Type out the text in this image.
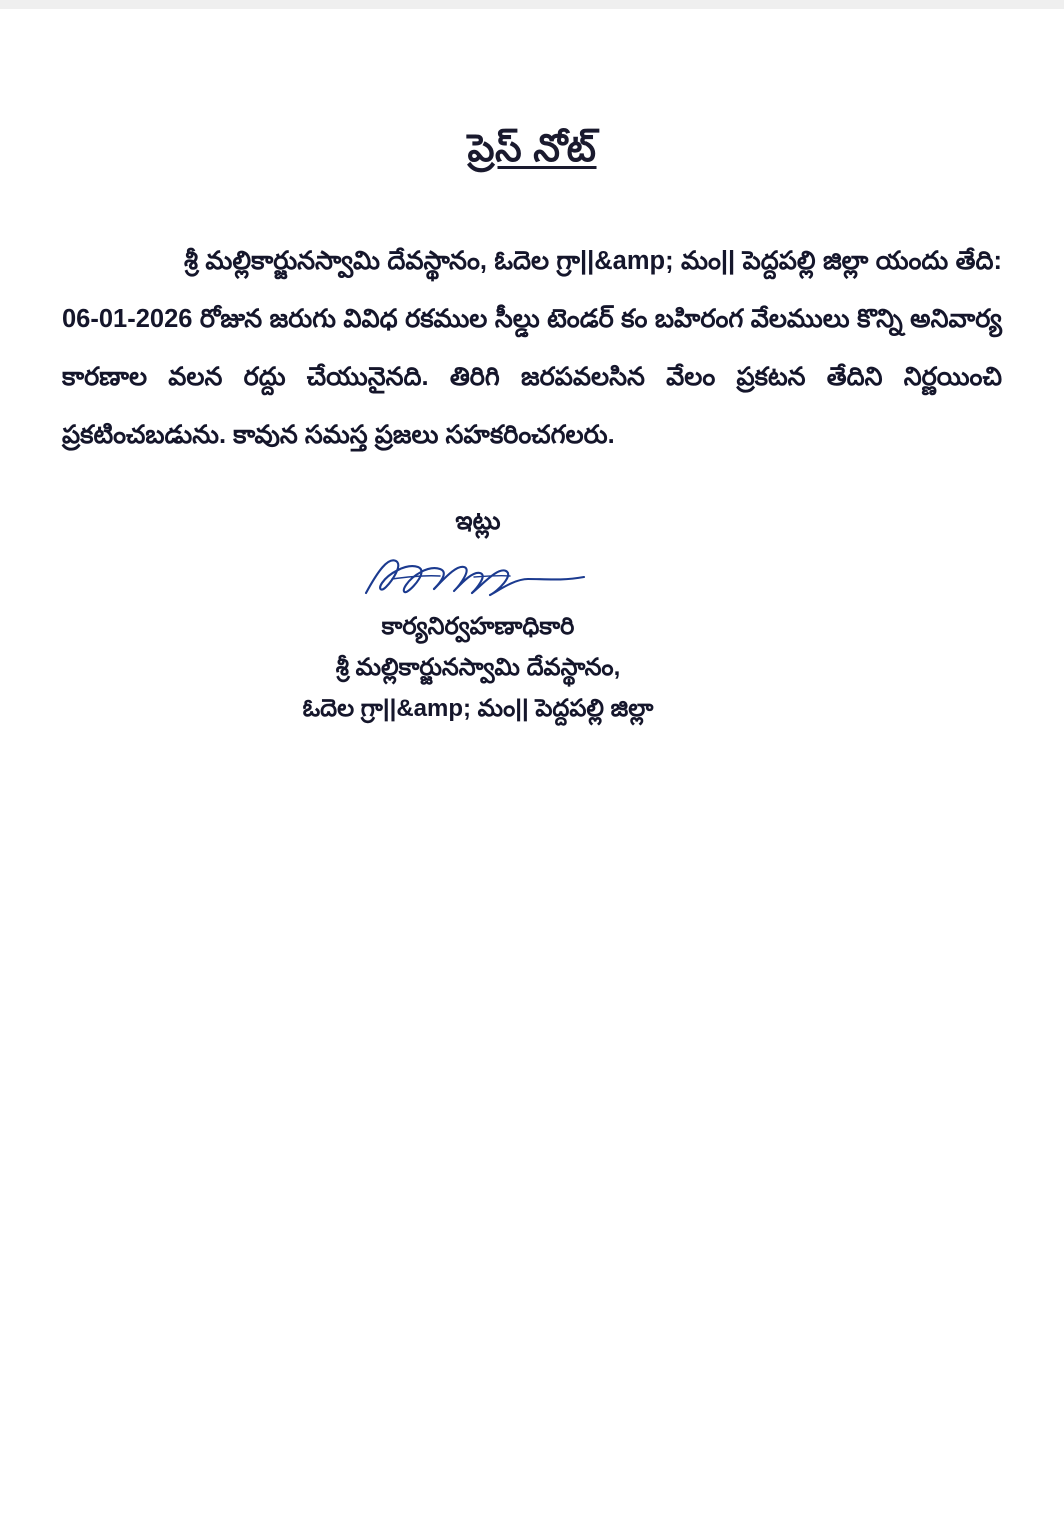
ప్రెస్ నోట్
శ్రీ మల్లికార్జునస్వామి దేవస్థానం, ఓదెల గ్రా||&amp; మం|| పెద్దపల్లి జిల్లా యందు తేది: 06-01-2026 రోజున జరుగు వివిధ రకముల సీల్డు టెండర్ కం బహిరంగ వేలములు కొన్ని అనివార్య కారణాల వలన రద్దు చేయునైనది. తిరిగి జరపవలసిన వేలం ప్రకటన తేదిని నిర్ణయించి ప్రకటించబడును. కావున సమస్త ప్రజలు సహకరించగలరు.
ఇట్లు
కార్యనిర్వహణాధికారి
శ్రీ మల్లికార్జునస్వామి దేవస్థానం,
ఓదెల గ్రా||&amp; మం|| పెద్దపల్లి జిల్లా
